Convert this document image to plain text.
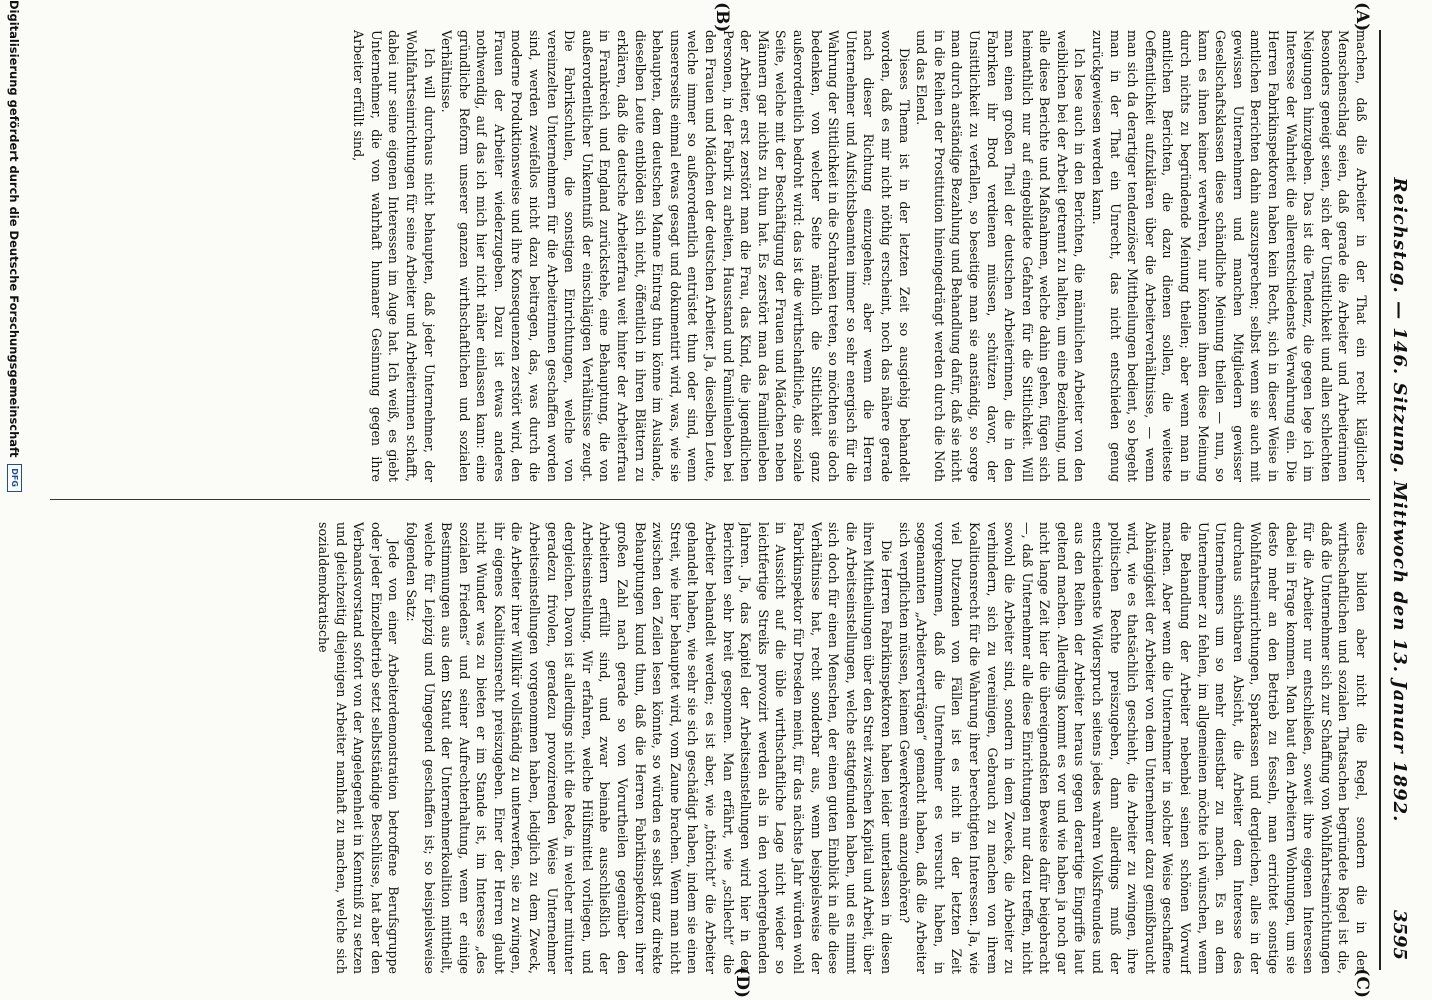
Reichstag. — 146. Sitzung. Mittwoch den 13. Januar 1892.
3595
(A)
(B)
(C)
(D)

machen, daß die Arbeiter in der That ein recht kläglicher Menschenschlag seien, daß gerade die Arbeiter und Arbeiterinnen besonders geneigt seien, sich der Unsittlichkeit und allen schlechten Neigungen hinzugeben. Das ist die Tendenz, die gegen lege ich im Interesse der Wahrheit die allerentschiedenste Verwahrung ein. Die Herren Fabrikinspektoren haben kein Recht, sich in dieser Weise in amtlichen Berichten dahin auszusprechen; selbst wenn sie auch mit gewissen Unternehmern und manchen Mitgliedern gewisser Gesellschaftsklassen diese schändliche Meinung theilen — nun, so kann es ihnen keiner verwehren, nur können ihnen diese Meinung durch nichts zu begründende Meinung theilen; aber wenn man in amtlichen Berichten, die dazu dienen sollen, die weiteste Oeffentlichkeit aufzuklären über die Arbeiterverhältnisse, — wenn man sich da derartiger tendenziöser Mittheilungen bedient, so begeht man in der That ein Unrecht, das nicht entschieden genug zurückgewiesen werden kann.

Ich lese auch in den Berichten, die männlichen Arbeiter von den weiblichen bei der Arbeit getrennt zu halten, um eine Beziehung, und alle diese Berichte und Maßnahmen, welche dahin gehen, fügen sich heimathlich nur auf eingebildete Gefahren für die Sittlichkeit. Will man einen großen Theil der deutschen Arbeiterinnen, die in den Fabriken ihr Brod verdienen müssen, schützen davor, der Unsittlichkeit zu verfallen, so beseitige man sie anständig, so sorge man durch anständige Bezahlung und Behandlung dafür, daß sie nicht in die Reihen der Prostitution hineingedrängt werden durch die Noth und das Elend.

Dieses Thema ist in der letzten Zeit so ausgiebig behandelt worden, daß es mir nicht nöthig erscheint, noch das nähere gerade nach dieser Richtung einzugehen; aber wenn die Herren Unternehmer und Aufsichtsbeamten immer so sehr energisch für die Wahrung der Sittlichkeit in die Schranken treten, so möchten sie doch bedenken, von welcher Seite nämlich die Sittlichkeit ganz außerordentlich bedroht wird: das ist die wirthschaftliche, die soziale Seite, welche mit der Beschäftigung der Frauen und Mädchen neben Männern gar nichts zu thun hat. Es zerstört man das Familienleben der Arbeiter, erst zerstört man die Frau, das Kind, die jugendlichen Personen, in der Fabrik zu arbeiten, Hausstand und Familienleben bei den Frauen und Mädchen der deutschen Arbeiter. Ja, dieselben Leute, welche immer so außerordentlich entrüstet thun oder sind, wenn unsererseits einmal etwas gesagt und dokumentirt wird, was, wie sie behaupten, dem deutschen Manne Eintrag thun könne im Auslande, dieselben Leute entblöden sich nicht, öffentlich in ihren Blättern zu erklären, daß die deutsche Arbeiterfrau weit hinter der Arbeiterfrau in Frankreich und England zurückstehe, eine Behauptung, die von außerordentlicher Unkenntniß der einschlägigen Verhältnisse zeugt. Die Fabrikschulen, die sonstigen Einrichtungen, welche von vereinzelten Unternehmern für die Arbeiterinnen geschaffen worden sind, werden zweifellos nicht dazu beitragen, das, was durch die moderne Produktionsweise und ihre Konsequenzen zerstört wird, den Frauen der Arbeiter wiederzugeben. Dazu ist etwas anderes nothwendig, auf das ich mich hier nicht näher einlassen kann: eine gründliche Reform unserer ganzen wirthschaftlichen und sozialen Verhältnisse.

Ich will durchaus nicht behaupten, daß jeder Unternehmer, der Wohlfahrtseinrichtungen für seine Arbeiter und Arbeiterinnen schafft, dabei nur seine eigenen Interessen im Auge hat. Ich weiß, es giebt Unternehmer, die von wahrhaft humaner Gesinnung gegen ihre Arbeiter erfüllt sind,

diese bilden aber nicht die Regel, sondern die in den wirthschaftlichen und sozialen Thatsachen begründete Regel ist die, daß die Unternehmer sich zur Schaffung von Wohlfahrtseinrichtungen für die Arbeiter nur entschließen, soweit ihre eigenen Interessen dabei in Frage kommen. Man baut den Arbeitern Wohnungen, um sie desto mehr an den Betrieb zu fesseln, man errichtet sonstige Wohlfahrtseinrichtungen, Sparkassen und dergleichen, alles in der durchaus sichtbaren Absicht, die Arbeiter dem Interesse des Unternehmers um so mehr dienstbar zu machen. Es an dem Unternehmer zu fehlen, im allgemeinen möchte ich wünschen, wenn die Behandlung der Arbeiter nebenbei seinen schönen Vorwurf machen. Aber wenn die Unternehmer in solcher Weise geschaffene Abhängigkeit der Arbeiter von dem Unternehmer dazu gemißbraucht wird, wie es thatsächlich geschieht, die Arbeiter zu zwingen, ihre politischen Rechte preiszugeben, dann allerdings muß der entschiedenste Widerspruch seitens jedes wahren Volksfreundes und aus den Reihen der Arbeiter heraus gegen derartige Eingriffe laut geltend machen. Allerdings kommt es vor und wie haben ja noch gar nicht lange Zeit hier die übereignendsten Beweise dafür beigebracht —, daß Unternehmer alle diese Einrichtungen nur dazu treffen, nicht sowohl die Arbeiter sind, sondern in dem Zwecke, die Arbeiter zu verhindern, sich zu vereinigen, Gebrauch zu machen von ihrem Koalitionsrecht für die Wahrung ihrer berechtigten Interessen. Ja, wie viel Dutzenden von Fällen ist es nicht in der letzten Zeit vorgekommen, daß die Unternehmer es versucht haben, in sogenannten „Arbeiterverträgen“ gemacht haben, daß die Arbeiter sich verpflichten müssen, keinem Gewerkverein anzugehören?

Die Herren Fabrikinspektoren haben leider unterlassen in diesen ihren Mittheilungen über den Streit zwischen Kapital und Arbeit, über die Arbeitseinstellungen, welche stattgefunden haben, und es nimmt sich doch für einen Menschen, der einen guten Einblick in alle diese Verhältnisse hat, recht sonderbar aus, wenn beispielsweise der Fabrikinspektor für Dresden meint, für das nächste Jahr würden wohl in Aussicht auf die üble wirthschaftliche Lage nicht wieder so leichtfertige Streiks provozirt werden als in den vorhergehenden Jahren. Ja, das Kapitel der Arbeitseinstellungen wird hier in den Berichten sehr breit gesponnen. Man erfährt, wie „schlecht“ die Arbeiter behandelt werden; es ist aber, wie „thöricht“ die Arbeiter gehandelt haben, wie sehr sie sich geschädigt haben, indem sie einen Streit, wie hier behauptet wird, vom Zaune brachen. Wenn man nicht zwischen den Zeilen lesen könnte, so würden es selbst ganz direkte Behauptungen kund thun, daß die Herren Fabrikinspektoren ihrer großen Zahl nach gerade so von Vorurtheilen gegenüber den Arbeitern erfüllt sind, und zwar beinahe ausschließlich der Arbeitseinstellung. Wir erfahren, welche Hülfsmittel vorliegen, und dergleichen. Davon ist allerdings nicht die Rede, in welcher mitunter geradezu frivolen, geradezu provozirenden Weise Unternehmer Arbeitseinstellungen vorgenommen haben, lediglich zu dem Zweck, die Arbeiter ihrer Willkür vollständig zu unterwerfen, sie zu zwingen, ihr eigenes Koalitionsrecht preiszugeben. Einer der Herren glaubt nicht Wunder was zu bieten er im Stande ist, im Interesse „des sozialen Friedens“ und seiner Aufrechterhaltung, wenn er einige Bestimmungen aus dem Statut der Unternehmerkoalition mittheilt, welche für Leipzig und Umgegend geschaffen ist; so beispielsweise folgenden Satz:

Jede von einer Arbeiterdemonstration betroffene Berufsgruppe oder jeder Einzelbetrieb setzt selbstständige Beschlüsse, hat aber den Verbandsvorstand sofort von der Angelegenheit in Kenntniß zu setzen und gleichzeitig diejenigen Arbeiter namhaft zu machen, welche sich sozialdemokratische

Digitalisierung gefördert durch die Deutsche Forschungsgemeinschaft
DFG
